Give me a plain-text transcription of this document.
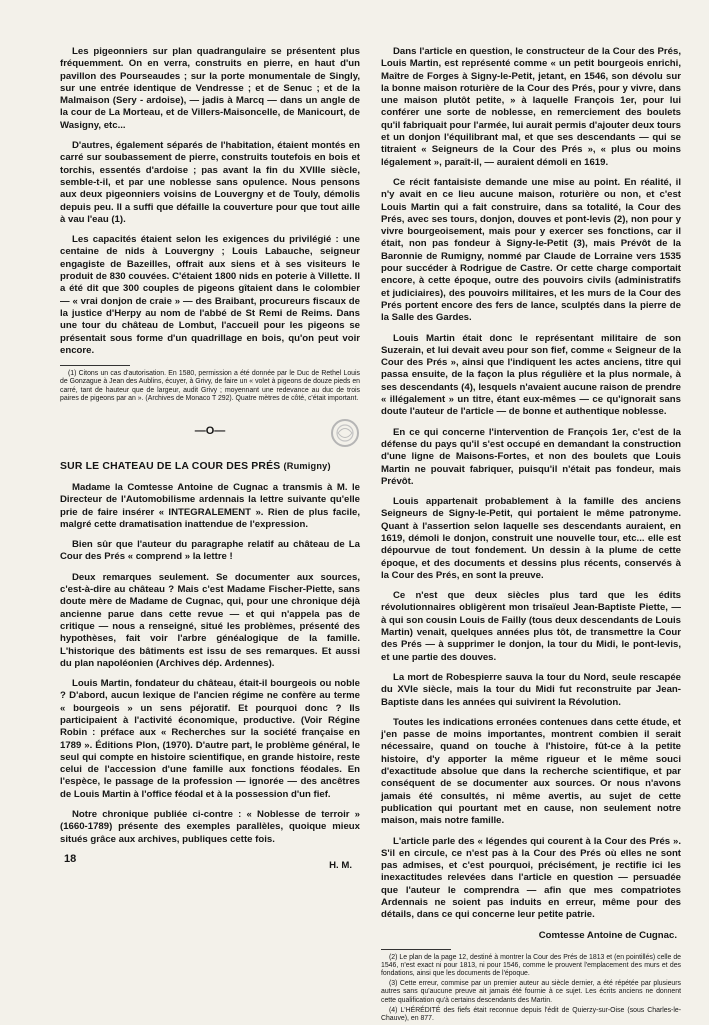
Les pigeonniers sur plan quadrangulaire se présentent plus fréquemment. On en verra, construits en pierre, en haut d'un pavillon des Pourseaudes ; sur la porte monumentale de Singly, sur une entrée identique de Vendresse ; et de Senuc ; et de la Malmaison (Sery - ardoise), — jadis à Marcq — dans un angle de la cour de La Morteau, et de Villers-Maisoncelle, de Manicourt, de Wasigny, etc...

D'autres, également séparés de l'habitation, étaient montés en carré sur soubassement de pierre, construits toutefois en bois et torchis, essentés d'ardoise ; pas avant la fin du XVIIIe siècle, semble-t-il, et par une noblesse sans opulence. Nous pensons aux deux pigeonniers voisins de Louvergny et de Touly, démolis depuis peu. Il a suffi que défaille la couverture pour que tout aille à vau l'eau (1).

Les capacités étaient selon les exigences du privilégié : une centaine de nids à Louvergny ; Louis Labauche, seigneur engagiste de Bazeilles, offrait aux siens et à ses visiteurs le produit de 830 couvées. C'étaient 1800 nids en poterie à Villette. Il a été dit que 300 couples de pigeons gîtaient dans le colombier — « vrai donjon de craie » — des Braibant, procureurs fiscaux de la justice d'Herpy au nom de l'abbé de St Remi de Reims. Dans une tour du château de Lombut, l'accueil pour les pigeons se présentait sous forme d'un quadrillage en bois, qu'on peut voir encore.

(1) Citons un cas d'autorisation. En 1580, permission a été donnée par le Duc de Rethel Louis de Gonzague à Jean des Aublins, écuyer, à Grivy, de faire un « volet à pigeons de douze pieds en carré, tant de hauteur que de largeur, audit Grivy ; moyennant une redevance au duc de trois paires de pigeons par an ». (Archives de Monaco T 292). Quatre mètres de côté, c'était important.

—O—
SUR LE CHATEAU DE LA COUR DES PRÉS (Rumigny)

Madame la Comtesse Antoine de Cugnac a transmis à M. le Directeur de l'Automobilisme ardennais la lettre suivante qu'elle prie de faire insérer « INTEGRALEMENT ». Rien de plus facile, malgré cette dramatisation inattendue de l'expression.

Bien sûr que l'auteur du paragraphe relatif au château de La Cour des Prés « comprend » la lettre !

Deux remarques seulement. Se documenter aux sources, c'est-à-dire au château ? Mais c'est Madame Fischer-Piette, sans doute mère de Madame de Cugnac, qui, pour une chronique déjà ancienne parue dans cette revue — et qui n'appela pas de critique — nous a renseigné, situé les problèmes, présenté des hypothèses, fait voir l'arbre généalogique de la famille. L'historique des bâtiments est issu de ses remarques. Et aussi du plan napoléonien (Archives dép. Ardennes).

Louis Martin, fondateur du château, était-il bourgeois ou noble ? D'abord, aucun lexique de l'ancien régime ne confère au terme « bourgeois » un sens péjoratif. Et pourquoi donc ? Ils participaient à l'activité économique, productive. (Voir Régine Robin : préface aux « Recherches sur la société française en 1789 ». Éditions Plon, (1970). D'autre part, le problème général, le seul qui compte en histoire scientifique, en grande histoire, reste celui de l'accession d'une famille aux fonctions féodales. En l'espèce, le passage de la profession — ignorée — des ancêtres de Louis Martin à l'office féodal et à la possession d'un fief.

Notre chronique publiée ci-contre : « Noblesse de terroir » (1660-1789) présente des exemples parallèles, quoique mieux situés grâce aux archives, publiques cette fois.

H. M.

Dans l'article en question, le constructeur de la Cour des Prés, Louis Martin, est représenté comme « un petit bourgeois enrichi, Maître de Forges à Signy-le-Petit, jetant, en 1546, son dévolu sur la bonne maison roturière de la Cour des Prés, pour y vivre, dans une maison plutôt petite, » à laquelle François 1er, pour lui conférer une sorte de noblesse, en remerciement des boulets qu'il fabriquait pour l'armée, lui aurait permis d'ajouter deux tours et un donjon l'équilibrant mal, et que ses descendants — qui se titraient « Seigneurs de la Cour des Prés », « plus ou moins légalement », paraît-il, — auraient démoli en 1619.

Ce récit fantaisiste demande une mise au point. En réalité, il n'y avait en ce lieu aucune maison, roturière ou non, et c'est Louis Martin qui a fait construire, dans sa totalité, la Cour des Prés, avec ses tours, donjon, douves et pont-levis (2), non pour y vivre bourgeoisement, mais pour y exercer ses fonctions, car il était, non pas fondeur à Signy-le-Petit (3), mais Prévôt de la Baronnie de Rumigny, nommé par Claude de Lorraine vers 1535 pour succéder à Rodrigue de Castre. Or cette charge comportait encore, à cette époque, outre des pouvoirs civils (administratifs et judiciaires), des pouvoirs militaires, et les murs de la Cour des Prés portent encore des fers de lance, sculptés dans la pierre de la Salle des Gardes.

Louis Martin était donc le représentant militaire de son Suzerain, et lui devait aveu pour son fief, comme « Seigneur de la Cour des Prés », ainsi que l'indiquent les actes anciens, titre qui passa ensuite, de la façon la plus régulière et la plus normale, à ses descendants (4), lesquels n'avaient aucune raison de prendre « illégalement » un titre, étant eux-mêmes — ce qu'ignorait sans doute l'auteur de l'article — de bonne et authentique noblesse.

En ce qui concerne l'intervention de François 1er, c'est de la défense du pays qu'il s'est occupé en demandant la construction d'une ligne de Maisons-Fortes, et non des boulets que Louis Martin ne pouvait fabriquer, puisqu'il n'était pas fondeur, mais Prévôt.

Louis appartenait probablement à la famille des anciens Seigneurs de Signy-le-Petit, qui portaient le même patronyme. Quant à l'assertion selon laquelle ses descendants auraient, en 1619, démoli le donjon, construit une nouvelle tour, etc... elle est dépourvue de tout fondement. Un dessin à la plume de cette époque, et des documents et dessins plus récents, conservés à la Cour des Prés, en sont la preuve.

Ce n'est que deux siècles plus tard que les édits révolutionnaires obligèrent mon trisaïeul Jean-Baptiste Piette, — à qui son cousin Louis de Failly (tous deux descendants de Louis Martin) venait, quelques années plus tôt, de transmettre la Cour des Prés — à supprimer le donjon, la tour du Midi, le pont-levis, et une partie des douves.

La mort de Robespierre sauva la tour du Nord, seule rescapée du XVIe siècle, mais la tour du Midi fut reconstruite par Jean-Baptiste dans les années qui suivirent la Révolution.

Toutes les indications erronées contenues dans cette étude, et j'en passe de moins importantes, montrent combien il serait nécessaire, quand on touche à l'histoire, fût-ce à la petite histoire, d'y apporter la même rigueur et le même souci d'exactitude absolue que dans la recherche scientifique, et par conséquent de se documenter aux sources. Or nous n'avons jamais été consultés, ni même avertis, au sujet de cette publication qui pourtant met en cause, non seulement notre maison, mais notre famille.

L'article parle des « légendes qui courent à la Cour des Prés ». S'il en circule, ce n'est pas à la Cour des Prés où elles ne sont pas admises, et c'est pourquoi, précisément, je rectifie ici les inexactitudes relevées dans l'article en question — persuadée que l'auteur le comprendra — afin que mes compatriotes Ardennais ne soient pas induits en erreur, même pour des détails, dans ce qui concerne leur petite patrie.

Comtesse Antoine de Cugnac.

(2) Le plan de la page 12, destiné à montrer la Cour des Prés de 1813 et (en pointillés) celle de 1546, n'est exact ni pour 1813, ni pour 1546, comme le prouvent l'emplacement des murs et des fondations, ainsi que les documents de l'époque.

(3) Cette erreur, commise par un premier auteur au siècle dernier, a été répétée par plusieurs autres sans qu'aucune preuve ait jamais été fournie à ce sujet. Les écrits anciens ne donnent cette qualification qu'à certains descendants des Martin.

(4) L'HÉRÉDITÉ des fiefs était reconnue depuis l'édit de Quierzy-sur-Oise (sous Charles-le-Chauve), en 877.

18
